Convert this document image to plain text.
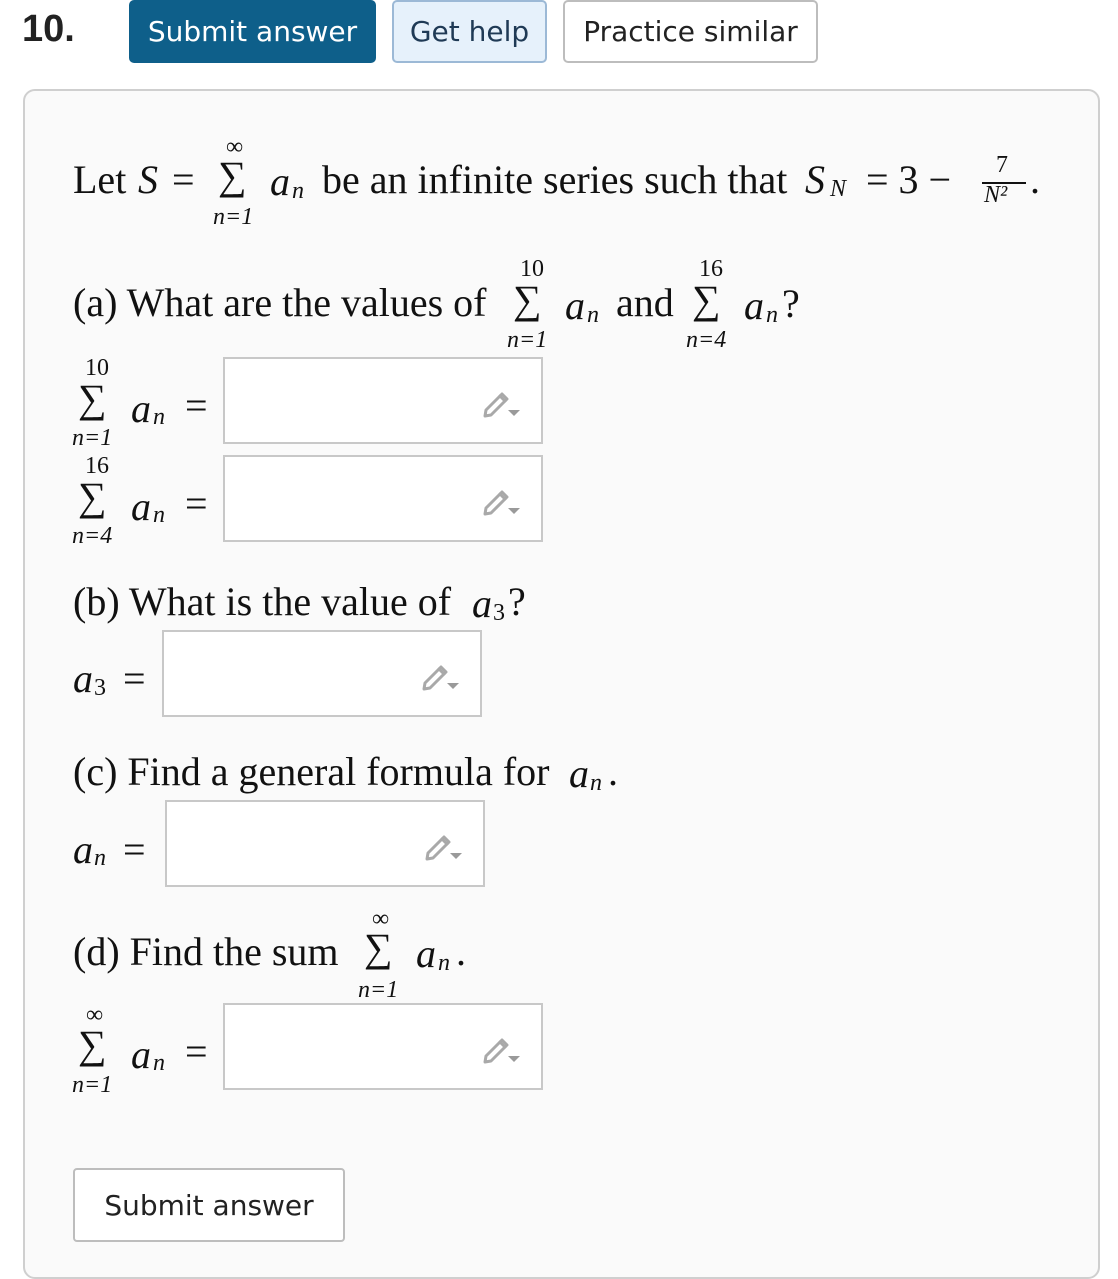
10.	Submit answer	Get help	Practice similar
Let S =
∞
∑
n=1
a n be an infinite series such that S N = 3 − 7
N² .
(a) What are the values of
10
∑
n=1
a n and
16
∑
n=4
a n ?
10
∑
n=1
a n =
16
∑
n=4
a n =
(b) What is the value of a 3 ?
a 3 =
(c) Find a general formula for a n .
a n =
(d) Find the sum
∞
∑
n=1
a n .
∞
∑
n=1
a n =
Submit answer
